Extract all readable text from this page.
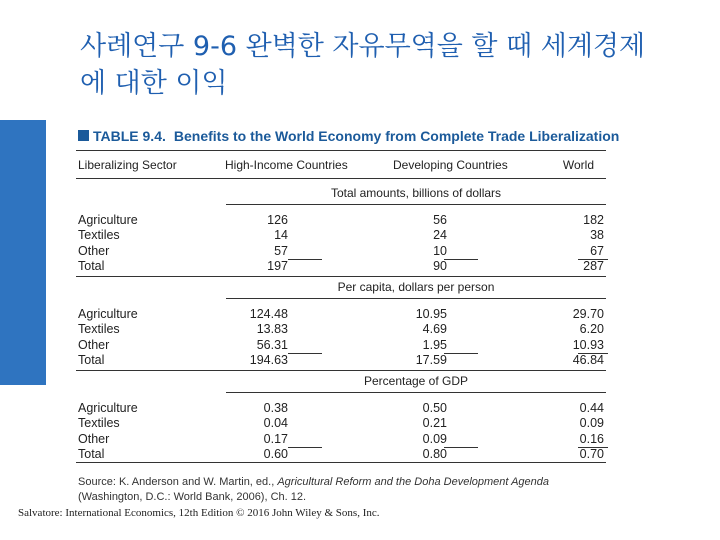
사례연구 9-6 완벽한 자유무역을 할 때 세계경제
에 대한 이익
TABLE 9.4. Benefits to the World Economy from Complete Trade Liberalization
Liberalizing Sector	High-Income Countries	Developing Countries	World
Total amounts, billions of dollars
Agriculture	126	56	182
Textiles	14	24	38
Other	57	10	67
Total	197	90	287
Per capita, dollars per person
Agriculture	124.48	10.95	29.70
Textiles	13.83	4.69	6.20
Other	56.31	1.95	10.93
Total	194.63	17.59	46.84
Percentage of GDP
Agriculture	0.38	0.50	0.44
Textiles	0.04	0.21	0.09
Other	0.17	0.09	0.16
Total	0.60	0.80	0.70
Source: K. Anderson and W. Martin, ed., Agricultural Reform and the Doha Development Agenda (Washington, D.C.: World Bank, 2006), Ch. 12.
Salvatore: International Economics, 12th Edition © 2016 John Wiley & Sons, Inc.
